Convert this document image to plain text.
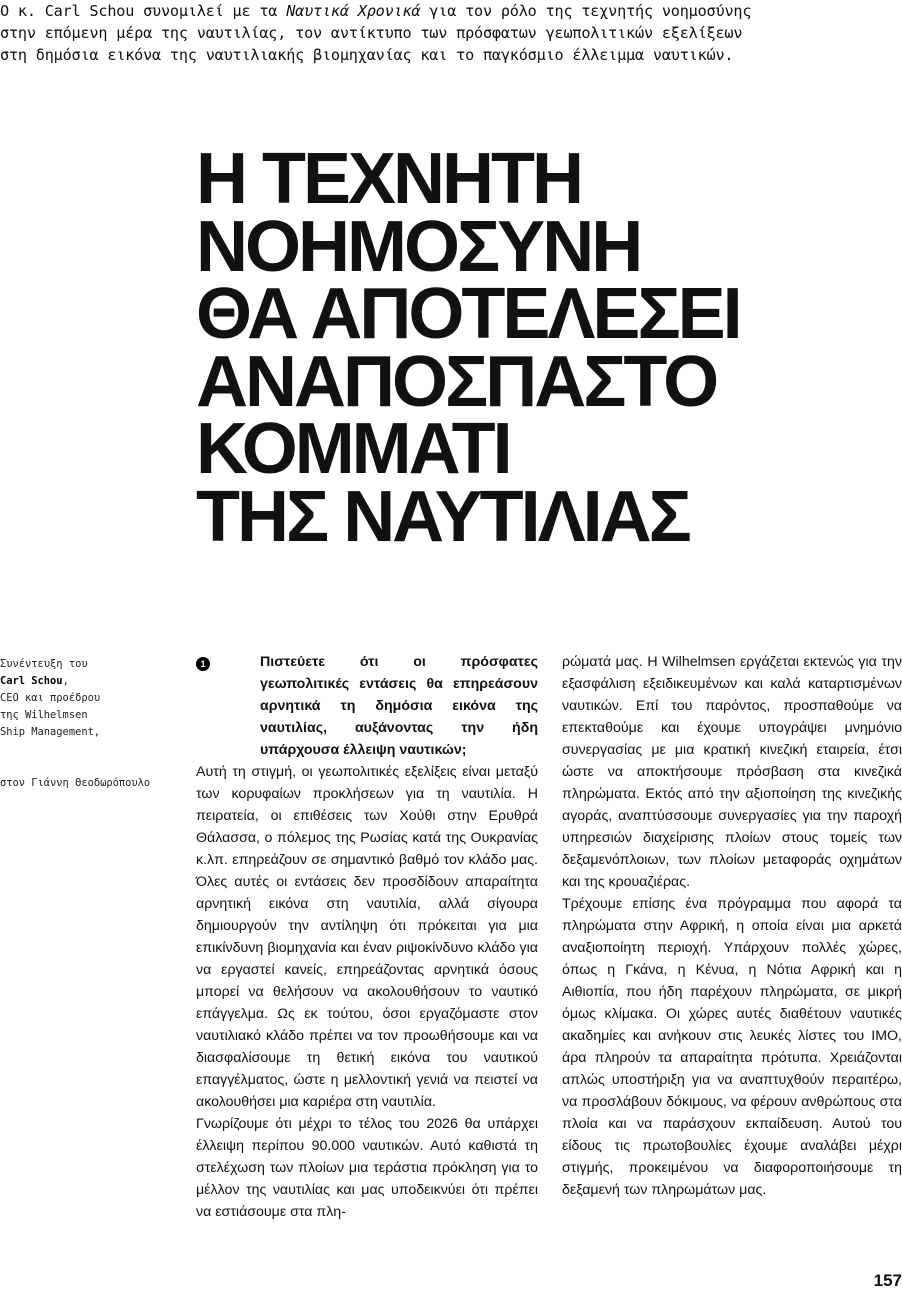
Ο κ. Carl Schou συνομιλεί με τα Ναυτικά Χρονικά για τον ρόλο της τεχνητής νοημοσύνης

στην επόμενη μέρα της ναυτιλίας, τον αντίκτυπο των πρόσφατων γεωπολιτικών εξελίξεων

στη δημόσια εικόνα της ναυτιλιακής βιομηχανίας και το παγκόσμιο έλλειμμα ναυτικών.

Η ΤΕΧΝΗΤΗ
ΝΟΗΜΟΣΥΝΗ
ΘΑ ΑΠΟΤΕΛΕΣΕΙ
ΑΝΑΠΟΣΠΑΣΤΟ
ΚΟΜΜΑΤΙ
ΤΗΣ ΝΑΥΤΙΛΙΑΣ
Συνέντευξη του
Carl Schou,
CEO και προέδρου
της Wilhelmsen
Ship Management,
στον Γιάννη Θεοδωρόπουλο
1	Πιστεύετε ότι οι πρόσφατες γεωπολιτικές εντάσεις θα επηρεάσουν αρνητικά τη δημόσια εικόνα της ναυτιλίας, αυξάνοντας την ήδη υπάρχουσα έλλειψη ναυτικών;

Αυτή τη στιγμή, οι γεωπολιτικές εξελίξεις είναι μεταξύ των κορυφαίων προκλήσεων για τη ναυτιλία. Η πειρατεία, οι επιθέσεις των Χούθι στην Ερυθρά Θάλασσα, ο πόλεμος της Ρωσίας κατά της Ουκρανίας κ.λπ. επηρεάζουν σε σημαντικό βαθμό τον κλάδο μας. Όλες αυτές οι εντάσεις δεν προσδίδουν απαραίτητα αρνητική εικόνα στη ναυτιλία, αλλά σίγουρα δημιουργούν την αντίληψη ότι πρόκειται για μια επικίνδυνη βιομηχανία και έναν ριψοκίνδυνο κλάδο για να εργαστεί κανείς, επηρεάζοντας αρνητικά όσους μπορεί να θελήσουν να ακολουθήσουν το ναυτικό επάγγελμα. Ως εκ τούτου, όσοι εργαζόμαστε στον ναυτιλιακό κλάδο πρέπει να τον προωθήσουμε και να διασφαλίσουμε τη θετική εικόνα του ναυτικού επαγγέλματος, ώστε η μελλοντική γενιά να πειστεί να ακολουθήσει μια καριέρα στη ναυτιλία.

Γνωρίζουμε ότι μέχρι το τέλος του 2026 θα υπάρχει έλλειψη περίπου 90.000 ναυτικών. Αυτό καθιστά τη στελέχωση των πλοίων μια τεράστια πρόκληση για το μέλλον της ναυτιλίας και μας υποδεικνύει ότι πρέπει να εστιάσουμε στα πλη-

ρώματά μας. Η Wilhelmsen εργάζεται εκτενώς για την εξασφάλιση εξειδικευμένων και καλά καταρτισμένων ναυτικών. Επί του παρόντος, προσπαθούμε να επεκταθούμε και έχουμε υπογράψει μνημόνιο συνεργασίας με μια κρατική κινεζική εταιρεία, έτσι ώστε να αποκτήσουμε πρόσβαση στα κινεζικά πληρώματα. Εκτός από την αξιοποίηση της κινεζικής αγοράς, αναπτύσσουμε συνεργασίες για την παροχή υπηρεσιών διαχείρισης πλοίων στους τομείς των δεξαμενόπλοιων, των πλοίων μεταφοράς οχημάτων και της κρουαζιέρας.

Τρέχουμε επίσης ένα πρόγραμμα που αφορά τα πληρώματα στην Αφρική, η οποία είναι μια αρκετά αναξιοποίητη περιοχή. Υπάρχουν πολλές χώρες, όπως η Γκάνα, η Κένυα, η Νότια Αφρική και η Αιθιοπία, που ήδη παρέχουν πληρώματα, σε μικρή όμως κλίμακα. Οι χώρες αυτές διαθέτουν ναυτικές ακαδημίες και ανήκουν στις λευκές λίστες του IMO, άρα πληρούν τα απαραίτητα πρότυπα. Χρειάζονται απλώς υποστήριξη για να αναπτυχθούν περαιτέρω, να προσλάβουν δόκιμους, να φέρουν ανθρώπους στα πλοία και να παράσχουν εκπαίδευση. Αυτού του είδους τις πρωτοβουλίες έχουμε αναλάβει μέχρι στιγμής, προκειμένου να διαφοροποιήσουμε τη δεξαμενή των πληρωμάτων μας.

157
